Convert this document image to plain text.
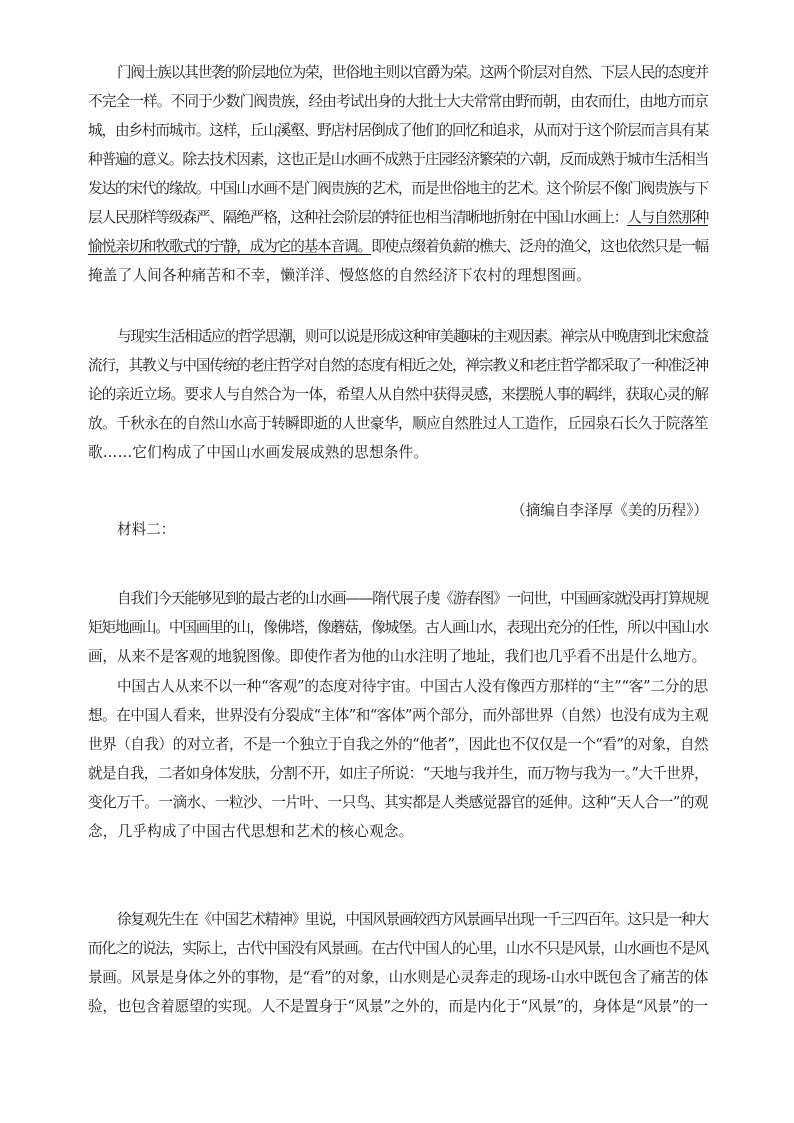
门阀士族以其世袭的阶层地位为荣，世俗地主则以官爵为荣。这两个阶层对自然、下层人民的态度并
不完全一样。不同于少数门阀贵族，经由考试出身的大批士大夫常常由野而朝，由农而仕，由地方而京
城，由乡村而城市。这样，丘山溪壑、野店村居倒成了他们的回忆和追求，从而对于这个阶层而言具有某
种普遍的意义。除去技术因素，这也正是山水画不成熟于庄园经济繁荣的六朝，反而成熟于城市生活相当
发达的宋代的缘故。中国山水画不是门阀贵族的艺术，而是世俗地主的艺术。这个阶层不像门阀贵族与下
层人民那样等级森严、隔绝严格，这种社会阶层的特征也相当清晰地折射在中国山水画上：人与自然那种
愉悦亲切和牧歌式的宁静，成为它的基本音调。即使点缀着负薪的樵夫、泛舟的渔父，这也依然只是一幅
掩盖了人间各种痛苦和不幸，懒洋洋、慢悠悠的自然经济下农村的理想图画。
与现实生活相适应的哲学思潮，则可以说是形成这种审美趣味的主观因素。禅宗从中晚唐到北宋愈益
流行，其教义与中国传统的老庄哲学对自然的态度有相近之处，禅宗教义和老庄哲学都采取了一种准泛神
论的亲近立场。要求人与自然合为一体，希望人从自然中获得灵感，来摆脱人事的羁绊，获取心灵的解
放。千秋永在的自然山水高于转瞬即逝的人世豪华，顺应自然胜过人工造作，丘园泉石长久于院落笙
歌……它们构成了中国山水画发展成熟的思想条件。
（摘编自李泽厚《美的历程》）
材料二：
自我们今天能够见到的最古老的山水画——隋代展子虔《游春图》一问世，中国画家就没再打算规规
矩矩地画山。中国画里的山，像佛塔，像蘑菇，像城堡。古人画山水，表现出充分的任性，所以中国山水
画，从来不是客观的地貌图像。即使作者为他的山水注明了地址，我们也几乎看不出是什么地方。
中国古人从来不以一种“客观”的态度对待宇宙。中国古人没有像西方那样的“主”“客”二分的思
想。在中国人看来，世界没有分裂成“主体”和“客体”两个部分，而外部世界（自然）也没有成为主观
世界（自我）的对立者，不是一个独立于自我之外的“他者”，因此也不仅仅是一个“看”的对象，自然
就是自我，二者如身体发肤，分割不开，如庄子所说：“天地与我并生，而万物与我为一。”大千世界，
变化万千。一滴水、一粒沙、一片叶、一只鸟、其实都是人类感觉器官的延伸。这种“天人合一”的观
念，几乎构成了中国古代思想和艺术的核心观念。
徐复观先生在《中国艺术精神》里说，中国风景画较西方风景画早出现一千三四百年。这只是一种大
而化之的说法，实际上，古代中国没有风景画。在古代中国人的心里，山水不只是风景，山水画也不是风
景画。风景是身体之外的事物，是“看”的对象，山水则是心灵奔走的现场-山水中既包含了痛苦的体
验，也包含着愿望的实现。人不是置身于“风景”之外的，而是内化于“风景”的，身体是“风景”的一
